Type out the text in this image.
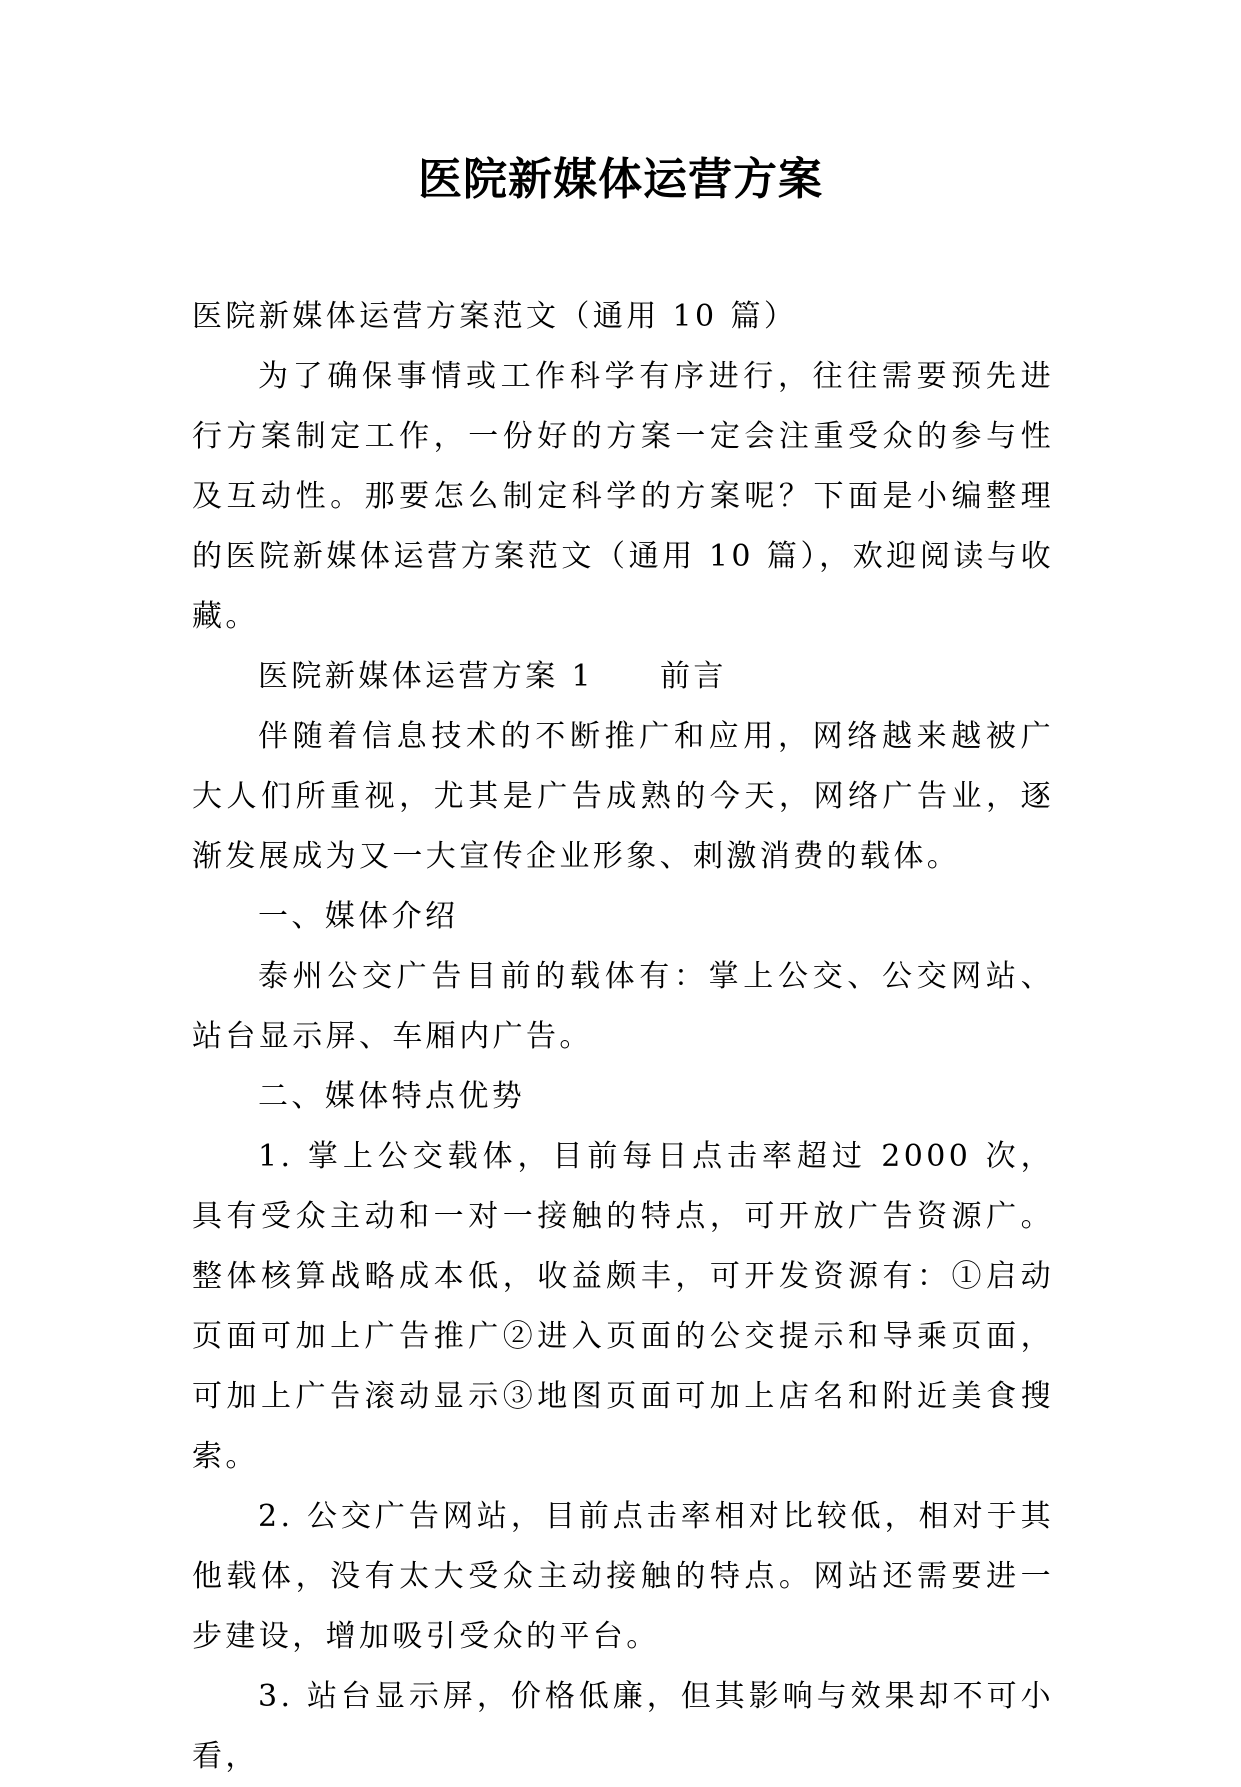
医院新媒体运营方案

医院新媒体运营方案范文（通用 10 篇）

为了确保事情或工作科学有序进行，往往需要预先进行方案制定工作，一份好的方案一定会注重受众的参与性及互动性。那要怎么制定科学的方案呢？下面是小编整理的医院新媒体运营方案范文（通用 10 篇），欢迎阅读与收藏。

医院新媒体运营方案 1 前言

伴随着信息技术的不断推广和应用，网络越来越被广大人们所重视，尤其是广告成熟的今天，网络广告业，逐渐发展成为又一大宣传企业形象、刺激消费的载体。

一、媒体介绍

泰州公交广告目前的载体有：掌上公交、公交网站、站台显示屏、车厢内广告。

二、媒体特点优势

1. 掌上公交载体，目前每日点击率超过 2000 次，具有受众主动和一对一接触的特点，可开放广告资源广。整体核算战略成本低，收益颇丰，可开发资源有：①启动页面可加上广告推广②进入页面的公交提示和导乘页面，可加上广告滚动显示③地图页面可加上店名和附近美食搜索。

2. 公交广告网站，目前点击率相对比较低，相对于其他载体，没有太大受众主动接触的特点。网站还需要进一步建设，增加吸引受众的平台。

3. 站台显示屏，价格低廉，但其影响与效果却不可小看，
